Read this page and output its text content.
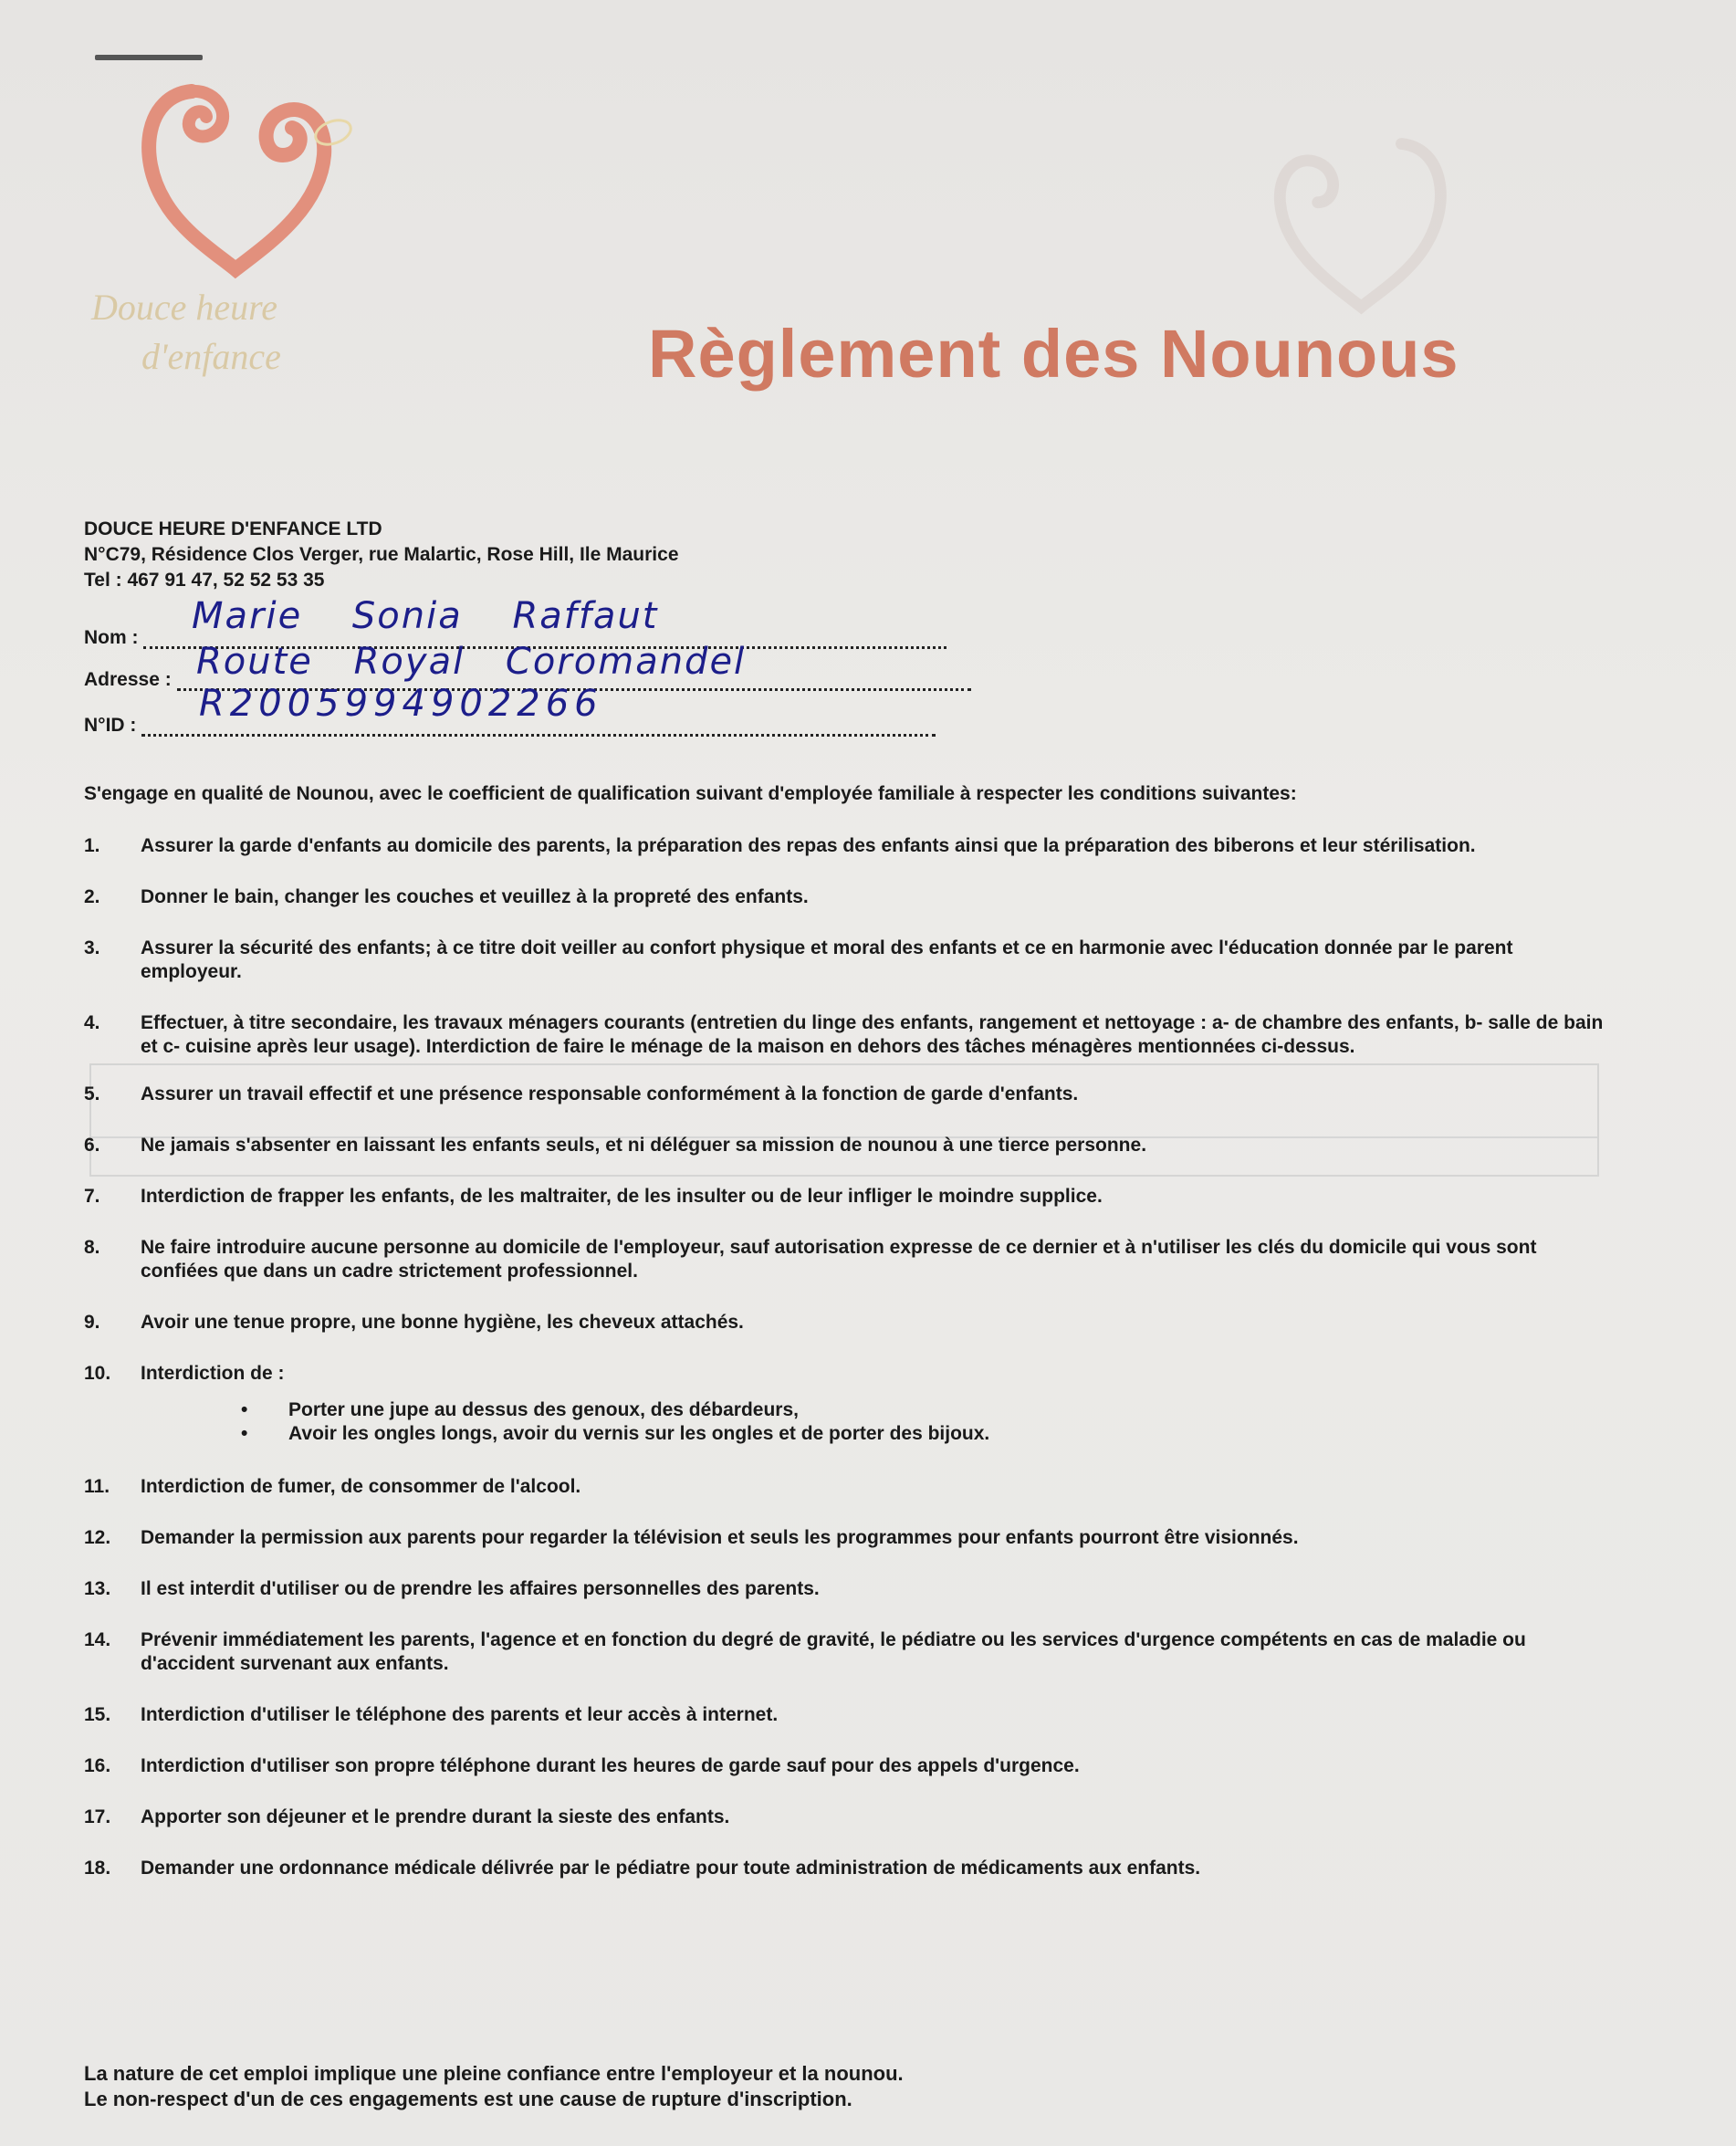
Douce heure
d'enfance	Règlement des Nounous
DOUCE HEURE D'ENFANCE LTD
N°C79, Résidence Clos Verger, rue Malartic, Rose Hill, Ile Maurice
Tel : 467 91 47, 52 52 53 35
Nom :
Marie Sonia Raffaut
Adresse : Route Royal Coromandel
N°ID :
R2005994902266
S'engage en qualité de Nounou, avec le coefficient de qualification suivant d'employée familiale à respecter les conditions suivantes:
1.	Assurer la garde d'enfants au domicile des parents, la préparation des repas des enfants ainsi que la préparation des biberons et leur stérilisation.
2.	Donner le bain, changer les couches et veuillez à la propreté des enfants.
3.	Assurer la sécurité des enfants; à ce titre doit veiller au confort physique et moral des enfants et ce en harmonie avec l'éducation donnée par le parent employeur.
4.	Effectuer, à titre secondaire, les travaux ménagers courants (entretien du linge des enfants, rangement et nettoyage : a- de chambre des enfants, b- salle de bain et c- cuisine après leur usage). Interdiction de faire le ménage de la maison en dehors des tâches ménagères mentionnées ci-dessus.
5.	Assurer un travail effectif et une présence responsable conformément à la fonction de garde d'enfants.
6.	Ne jamais s'absenter en laissant les enfants seuls, et ni déléguer sa mission de nounou à une tierce personne.
7.	Interdiction de frapper les enfants, de les maltraiter, de les insulter ou de leur infliger le moindre supplice.
8.	Ne faire introduire aucune personne au domicile de l'employeur, sauf autorisation expresse de ce dernier et à n'utiliser les clés du domicile qui vous sont confiées que dans un cadre strictement professionnel.
9.	Avoir une tenue propre, une bonne hygiène, les cheveux attachés.
10.	Interdiction de :
• Porter une jupe au dessus des genoux, des débardeurs,
• Avoir les ongles longs, avoir du vernis sur les ongles et de porter des bijoux.
11.	Interdiction de fumer, de consommer de l'alcool.
12.	Demander la permission aux parents pour regarder la télévision et seuls les programmes pour enfants pourront être visionnés.
13.	Il est interdit d'utiliser ou de prendre les affaires personnelles des parents.
14.	Prévenir immédiatement les parents, l'agence et en fonction du degré de gravité, le pédiatre ou les services d'urgence compétents en cas de maladie ou d'accident survenant aux enfants.
15.	Interdiction d'utiliser le téléphone des parents et leur accès à internet.
16.	Interdiction d'utiliser son propre téléphone durant les heures de garde sauf pour des appels d'urgence.
17.	Apporter son déjeuner et le prendre durant la sieste des enfants.
18.	Demander une ordonnance médicale délivrée par le pédiatre pour toute administration de médicaments aux enfants.
La nature de cet emploi implique une pleine confiance entre l'employeur et la nounou.
Le non-respect d'un de ces engagements est une cause de rupture d'inscription.
